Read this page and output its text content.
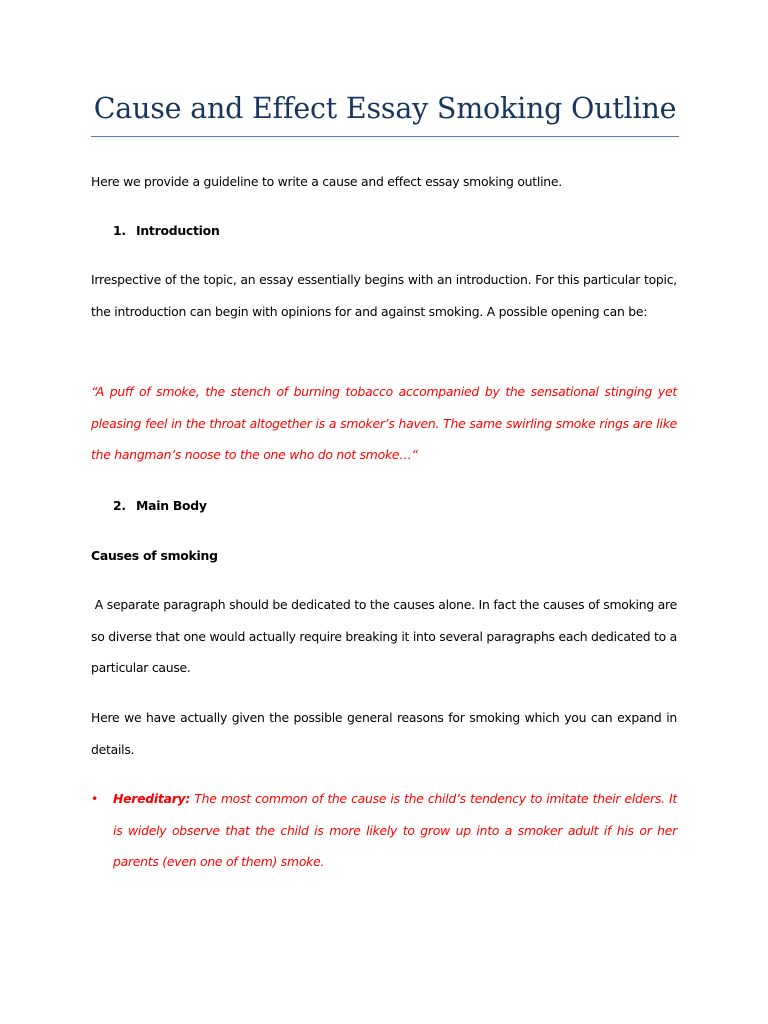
Cause and Effect Essay Smoking Outline

Here we provide a guideline to write a cause and effect essay smoking outline.

1. Introduction

Irrespective of the topic, an essay essentially begins with an introduction. For this particular topic, the introduction can begin with opinions for and against smoking. A possible opening can be:

“A puff of smoke, the stench of burning tobacco accompanied by the sensational stinging yet pleasing feel in the throat altogether is a smoker’s haven. The same swirling smoke rings are like the hangman’s noose to the one who do not smoke…“

2. Main Body
Causes of smoking

A separate paragraph should be dedicated to the causes alone. In fact the causes of smoking are so diverse that one would actually require breaking it into several paragraphs each dedicated to a particular cause.

Here we have actually given the possible general reasons for smoking which you can expand in details.

•	Hereditary: The most common of the cause is the child’s tendency to imitate their elders. It is widely observe that the child is more likely to grow up into a smoker adult if his or her parents (even one of them) smoke.
